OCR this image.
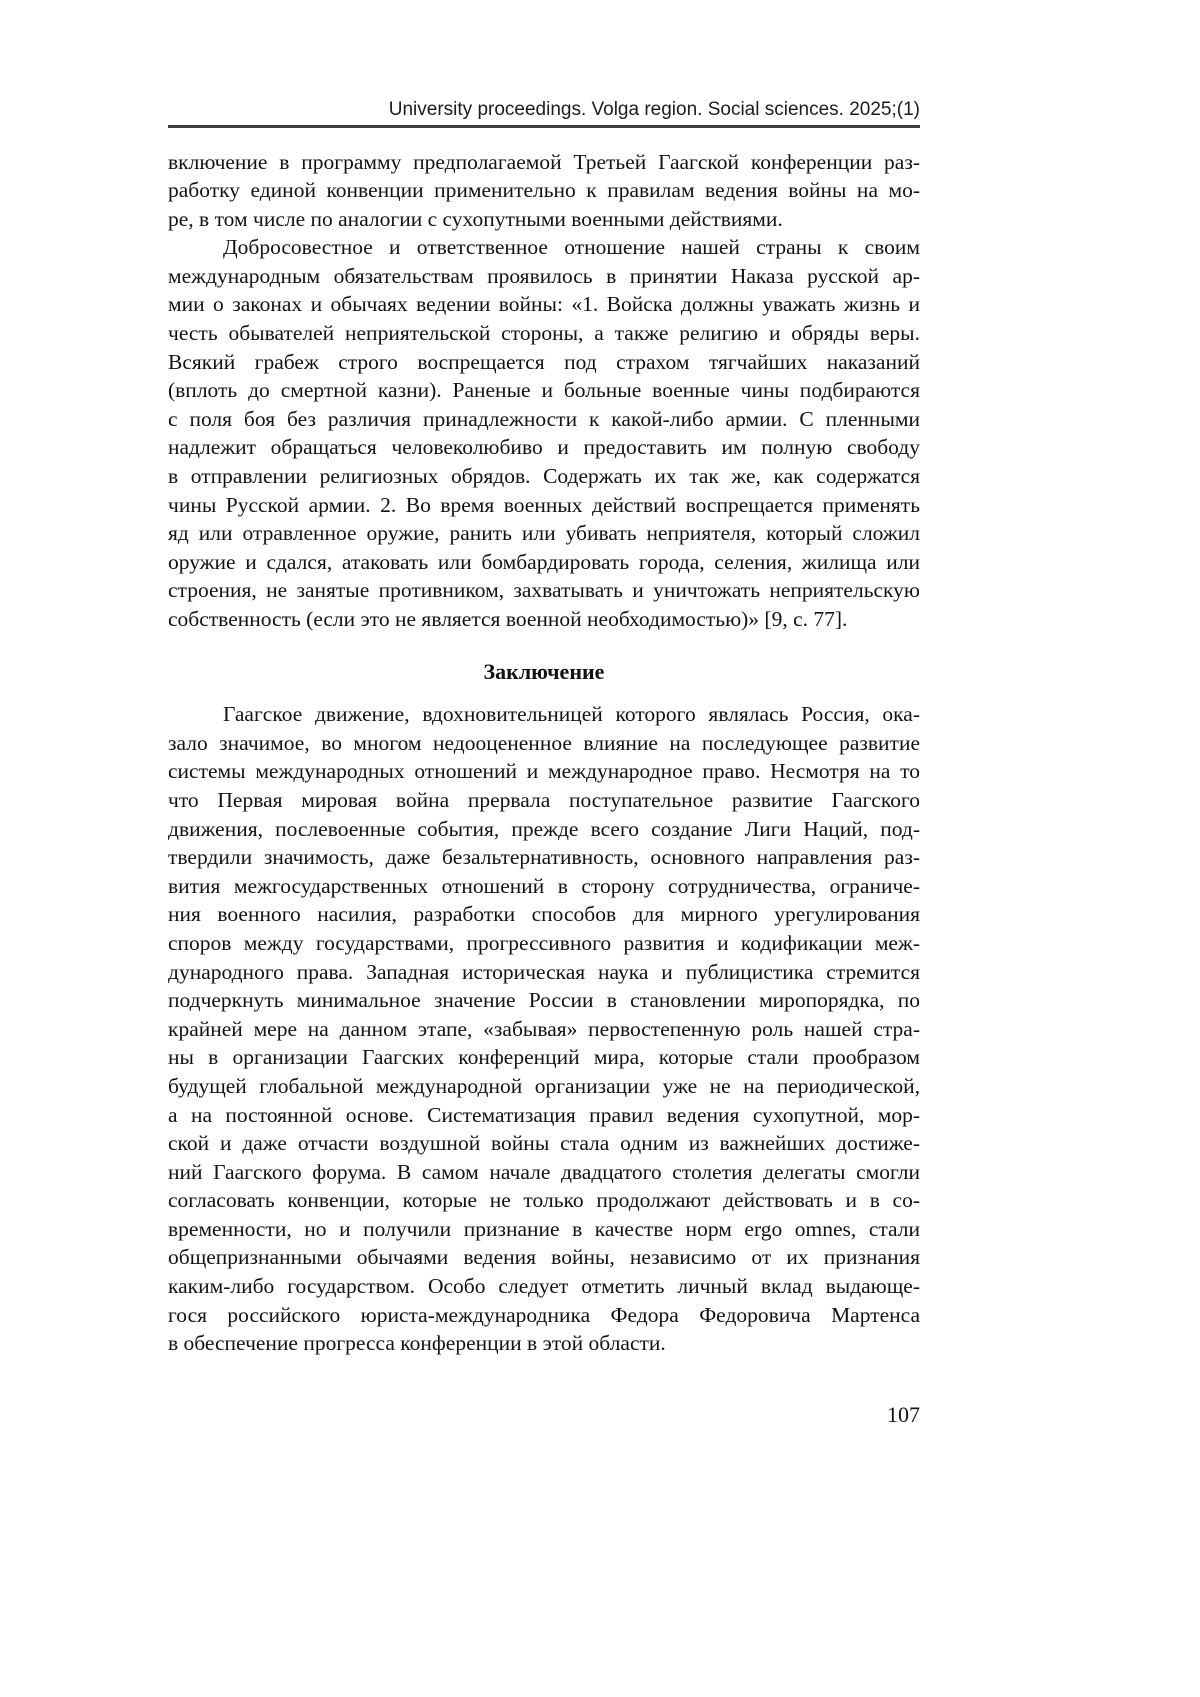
University proceedings. Volga region. Social sciences. 2025;(1)
включение в программу предполагаемой Третьей Гаагской конференции раз-
работку единой конвенции применительно к правилам ведения войны на мо-
ре, в том числе по аналогии с сухопутными военными действиями.
Добросовестное и ответственное отношение нашей страны к своим
международным обязательствам проявилось в принятии Наказа русской ар-
мии о законах и обычаях ведении войны: «1. Войска должны уважать жизнь и
честь обывателей неприятельской стороны, а также религию и обряды веры.
Всякий грабеж строго воспрещается под страхом тягчайших наказаний
(вплоть до смертной казни). Раненые и больные военные чины подбираются
с поля боя без различия принадлежности к какой-либо армии. С пленными
надлежит обращаться человеколюбиво и предоставить им полную свободу
в отправлении религиозных обрядов. Содержать их так же, как содержатся
чины Русской армии. 2. Во время военных действий воспрещается применять
яд или отравленное оружие, ранить или убивать неприятеля, который сложил
оружие и сдался, атаковать или бомбардировать города, селения, жилища или
строения, не занятые противником, захватывать и уничтожать неприятельскую
собственность (если это не является военной необходимостью)» [9, с. 77].
Заключение
Гаагское движение, вдохновительницей которого являлась Россия, ока-
зало значимое, во многом недооцененное влияние на последующее развитие
системы международных отношений и международное право. Несмотря на то
что Первая мировая война прервала поступательное развитие Гаагского
движения, послевоенные события, прежде всего создание Лиги Наций, под-
твердили значимость, даже безальтернативность, основного направления раз-
вития межгосударственных отношений в сторону сотрудничества, ограниче-
ния военного насилия, разработки способов для мирного урегулирования
споров между государствами, прогрессивного развития и кодификации меж-
дународного права. Западная историческая наука и публицистика стремится
подчеркнуть минимальное значение России в становлении миропорядка, по
крайней мере на данном этапе, «забывая» первостепенную роль нашей стра-
ны в организации Гаагских конференций мира, которые стали прообразом
будущей глобальной международной организации уже не на периодической,
а на постоянной основе. Систематизация правил ведения сухопутной, мор-
ской и даже отчасти воздушной войны стала одним из важнейших достиже-
ний Гаагского форума. В самом начале двадцатого столетия делегаты смогли
согласовать конвенции, которые не только продолжают действовать и в со-
временности, но и получили признание в качестве норм ergo omnes, стали
общепризнанными обычаями ведения войны, независимо от их признания
каким-либо государством. Особо следует отметить личный вклад выдающе-
гося российского юриста-международника Федора Федоровича Мартенса
в обеспечение прогресса конференции в этой области.
107
